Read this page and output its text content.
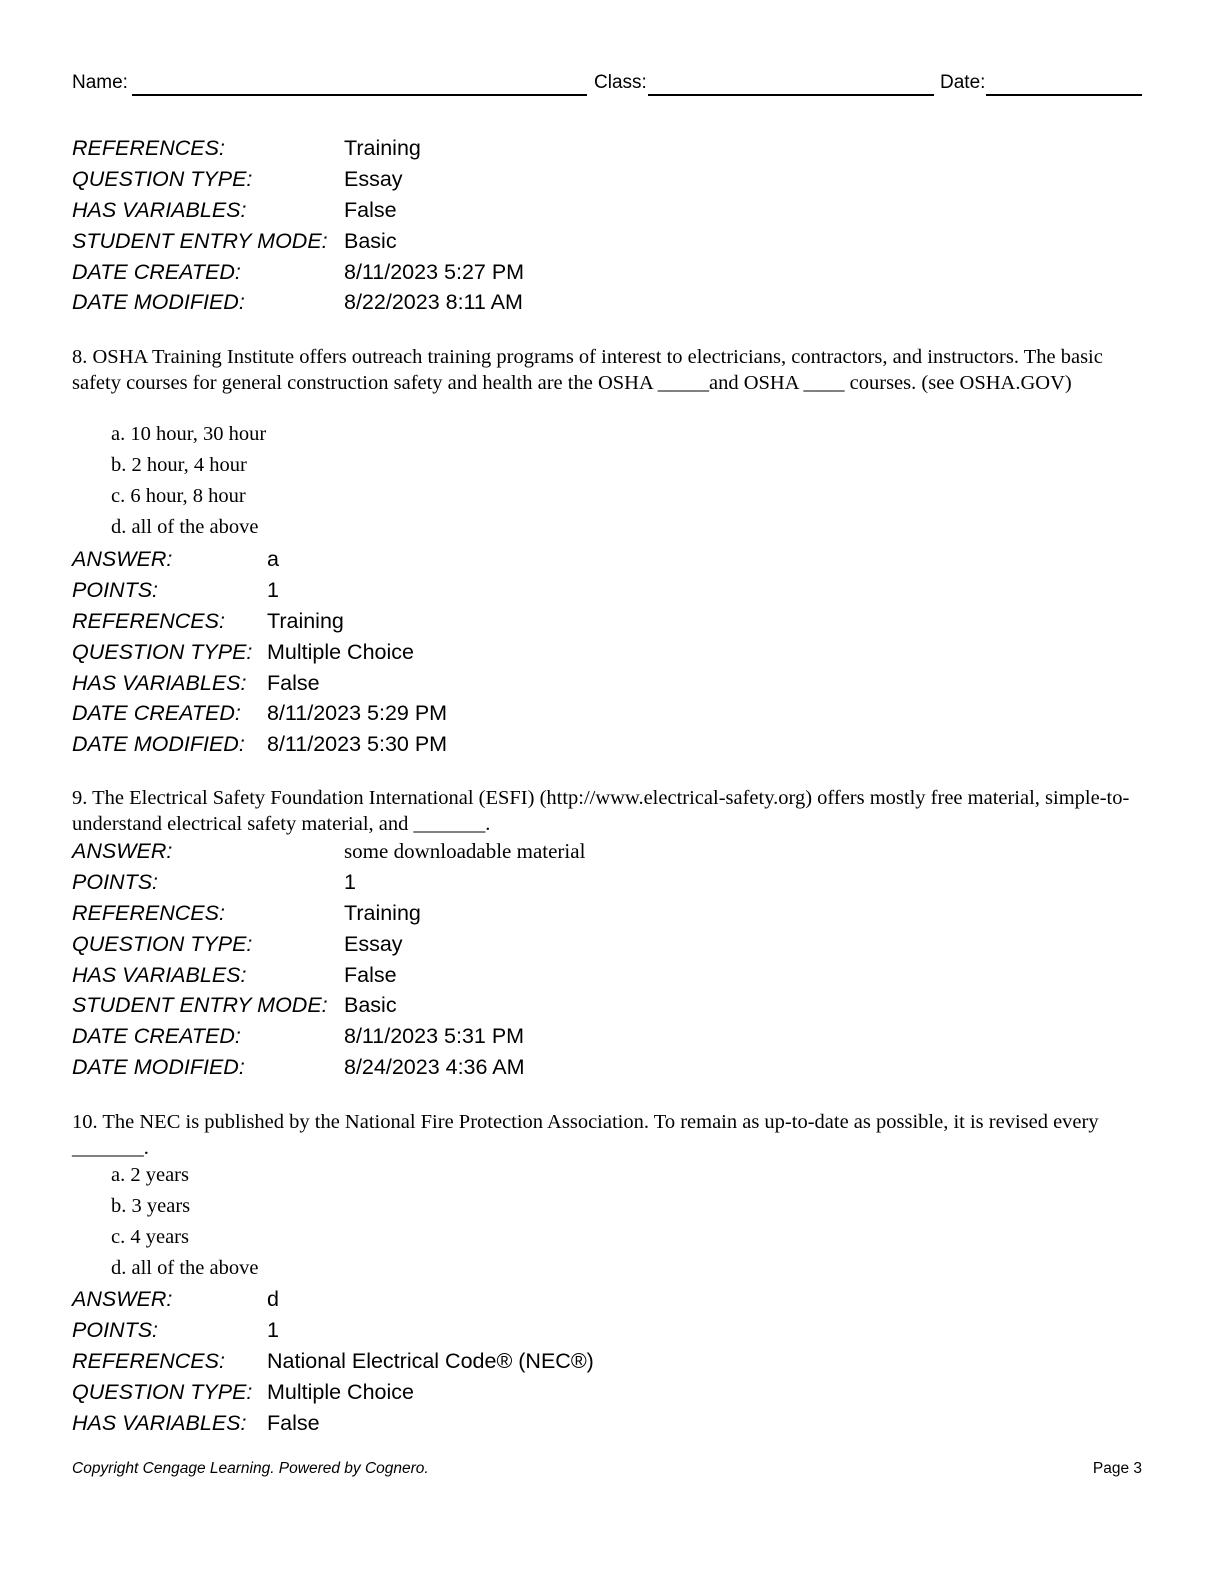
Name:	Class:	Date:
REFERENCES:	Training
QUESTION TYPE:	Essay
HAS VARIABLES:	False
STUDENT ENTRY MODE: Basic
DATE CREATED:	8/11/2023 5:27 PM
DATE MODIFIED:	8/22/2023 8:11 AM
8. OSHA Training Institute offers outreach training programs of interest to electricians, contractors, and instructors. The basic safety courses for general construction safety and health are the OSHA _____and OSHA ____ courses. (see OSHA.GOV)
a. 10 hour, 30 hour
b. 2 hour, 4 hour
c. 6 hour, 8 hour
d. all of the above
ANSWER:	a
POINTS:	1
REFERENCES: Training
QUESTION TYPE: Multiple Choice
HAS VARIABLES: False
DATE CREATED: 8/11/2023 5:29 PM
DATE MODIFIED: 8/11/2023 5:30 PM
9. The Electrical Safety Foundation International (ESFI) (http://www.electrical-safety.org) offers mostly free material, simple-to-understand electrical safety material, and _______.
ANSWER:	some downloadable material
POINTS:	1
REFERENCES:	Training
QUESTION TYPE:	Essay
HAS VARIABLES:	False
STUDENT ENTRY MODE: Basic
DATE CREATED:	8/11/2023 5:31 PM
DATE MODIFIED:	8/24/2023 4:36 AM
10. The NEC is published by the National Fire Protection Association. To remain as up-to-date as possible, it is revised every _______.
a. 2 years
b. 3 years
c. 4 years
d. all of the above
ANSWER:	d
POINTS:	1
REFERENCES: National Electrical Code® (NEC®)
QUESTION TYPE: Multiple Choice
HAS VARIABLES: False
Copyright Cengage Learning. Powered by Cognero.	Page 3
